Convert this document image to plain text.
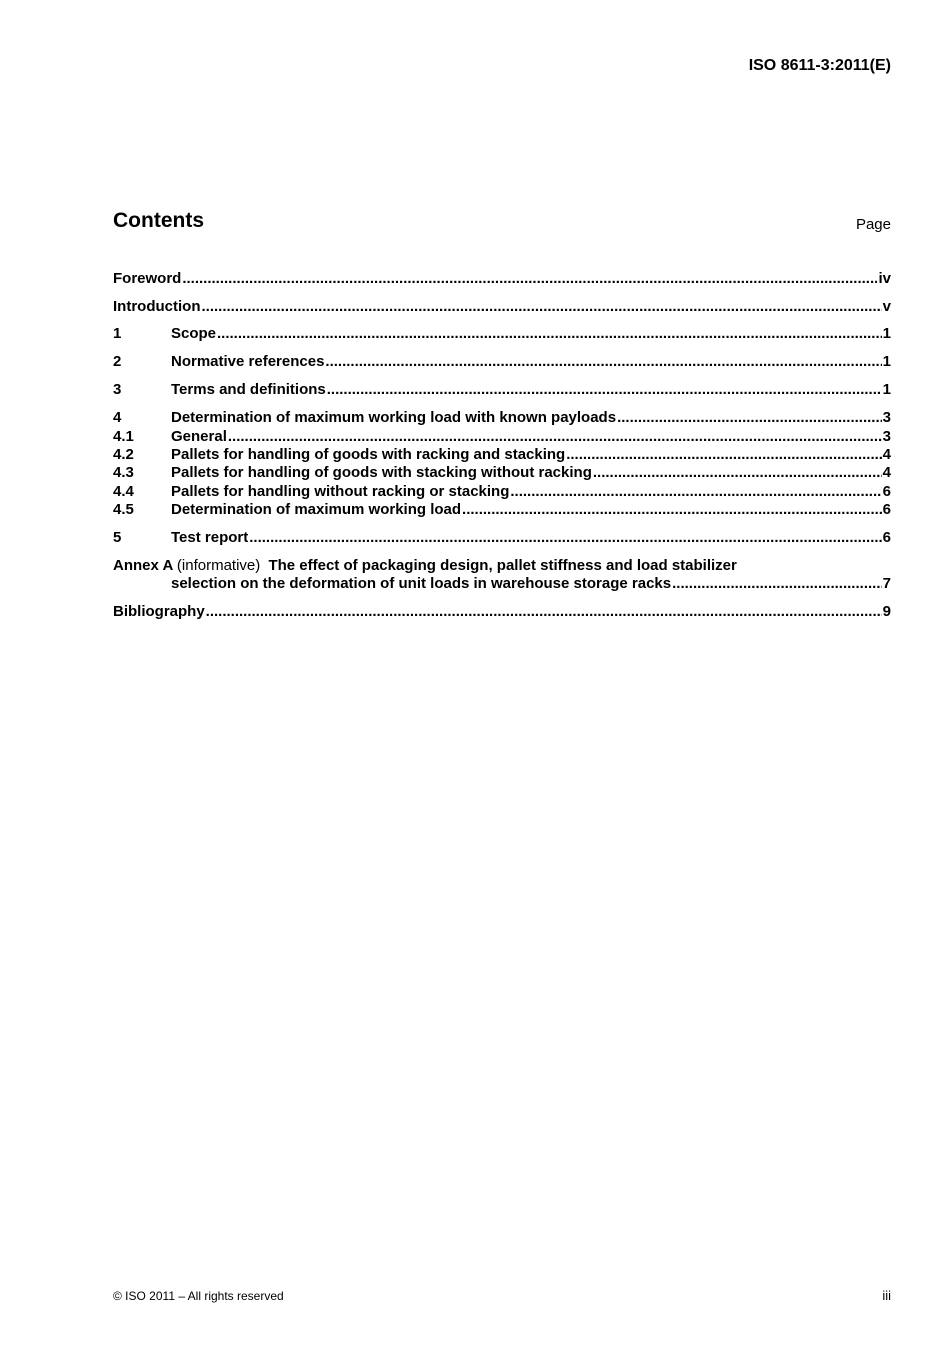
ISO 8611-3:2011(E)
Contents	Page
Foreword .....	iv
Introduction .....	v
1	Scope .....	1
2	Normative references .....	1
3	Terms and definitions .....	1
4	Determination of maximum working load with known payloads .....	3
4.1 General .....	3
4.2 Pallets for handling of goods with racking and stacking .....	4
4.3 Pallets for handling of goods with stacking without racking .....	4
4.4 Pallets for handling without racking or stacking .....	6
4.5 Determination of maximum working load .....	6
5	Test report .....	6
Annex A (informative) The effect of packaging design, pallet stiffness and load stabilizer
selection on the deformation of unit loads in warehouse storage racks .....	7
Bibliography .....	9
© ISO 2011 – All rights reserved	iii
